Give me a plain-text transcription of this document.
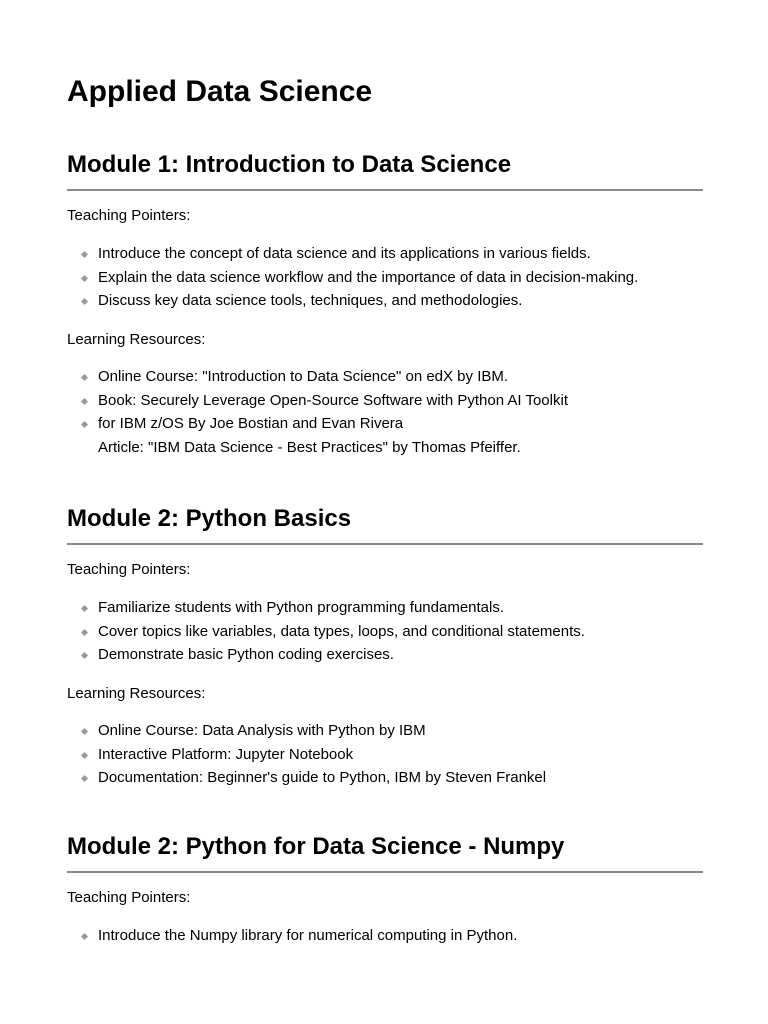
Applied Data Science
Module 1: Introduction to Data Science

Teaching Pointers:

Introduce the concept of data science and its applications in various fields.
Explain the data science workflow and the importance of data in decision-making.
Discuss key data science tools, techniques, and methodologies.

Learning Resources:

Online Course: "Introduction to Data Science" on edX by IBM.
Book: Securely Leverage Open-Source Software with Python AI Toolkit
for IBM z/OS By Joe Bostian and Evan Rivera
Article: "IBM Data Science - Best Practices" by Thomas Pfeiffer.
Module 2: Python Basics

Teaching Pointers:

Familiarize students with Python programming fundamentals.
Cover topics like variables, data types, loops, and conditional statements.
Demonstrate basic Python coding exercises.

Learning Resources:

Online Course: Data Analysis with Python by IBM
Interactive Platform: Jupyter Notebook
Documentation: Beginner's guide to Python, IBM by Steven Frankel
Module 2: Python for Data Science - Numpy

Teaching Pointers:

Introduce the Numpy library for numerical computing in Python.
